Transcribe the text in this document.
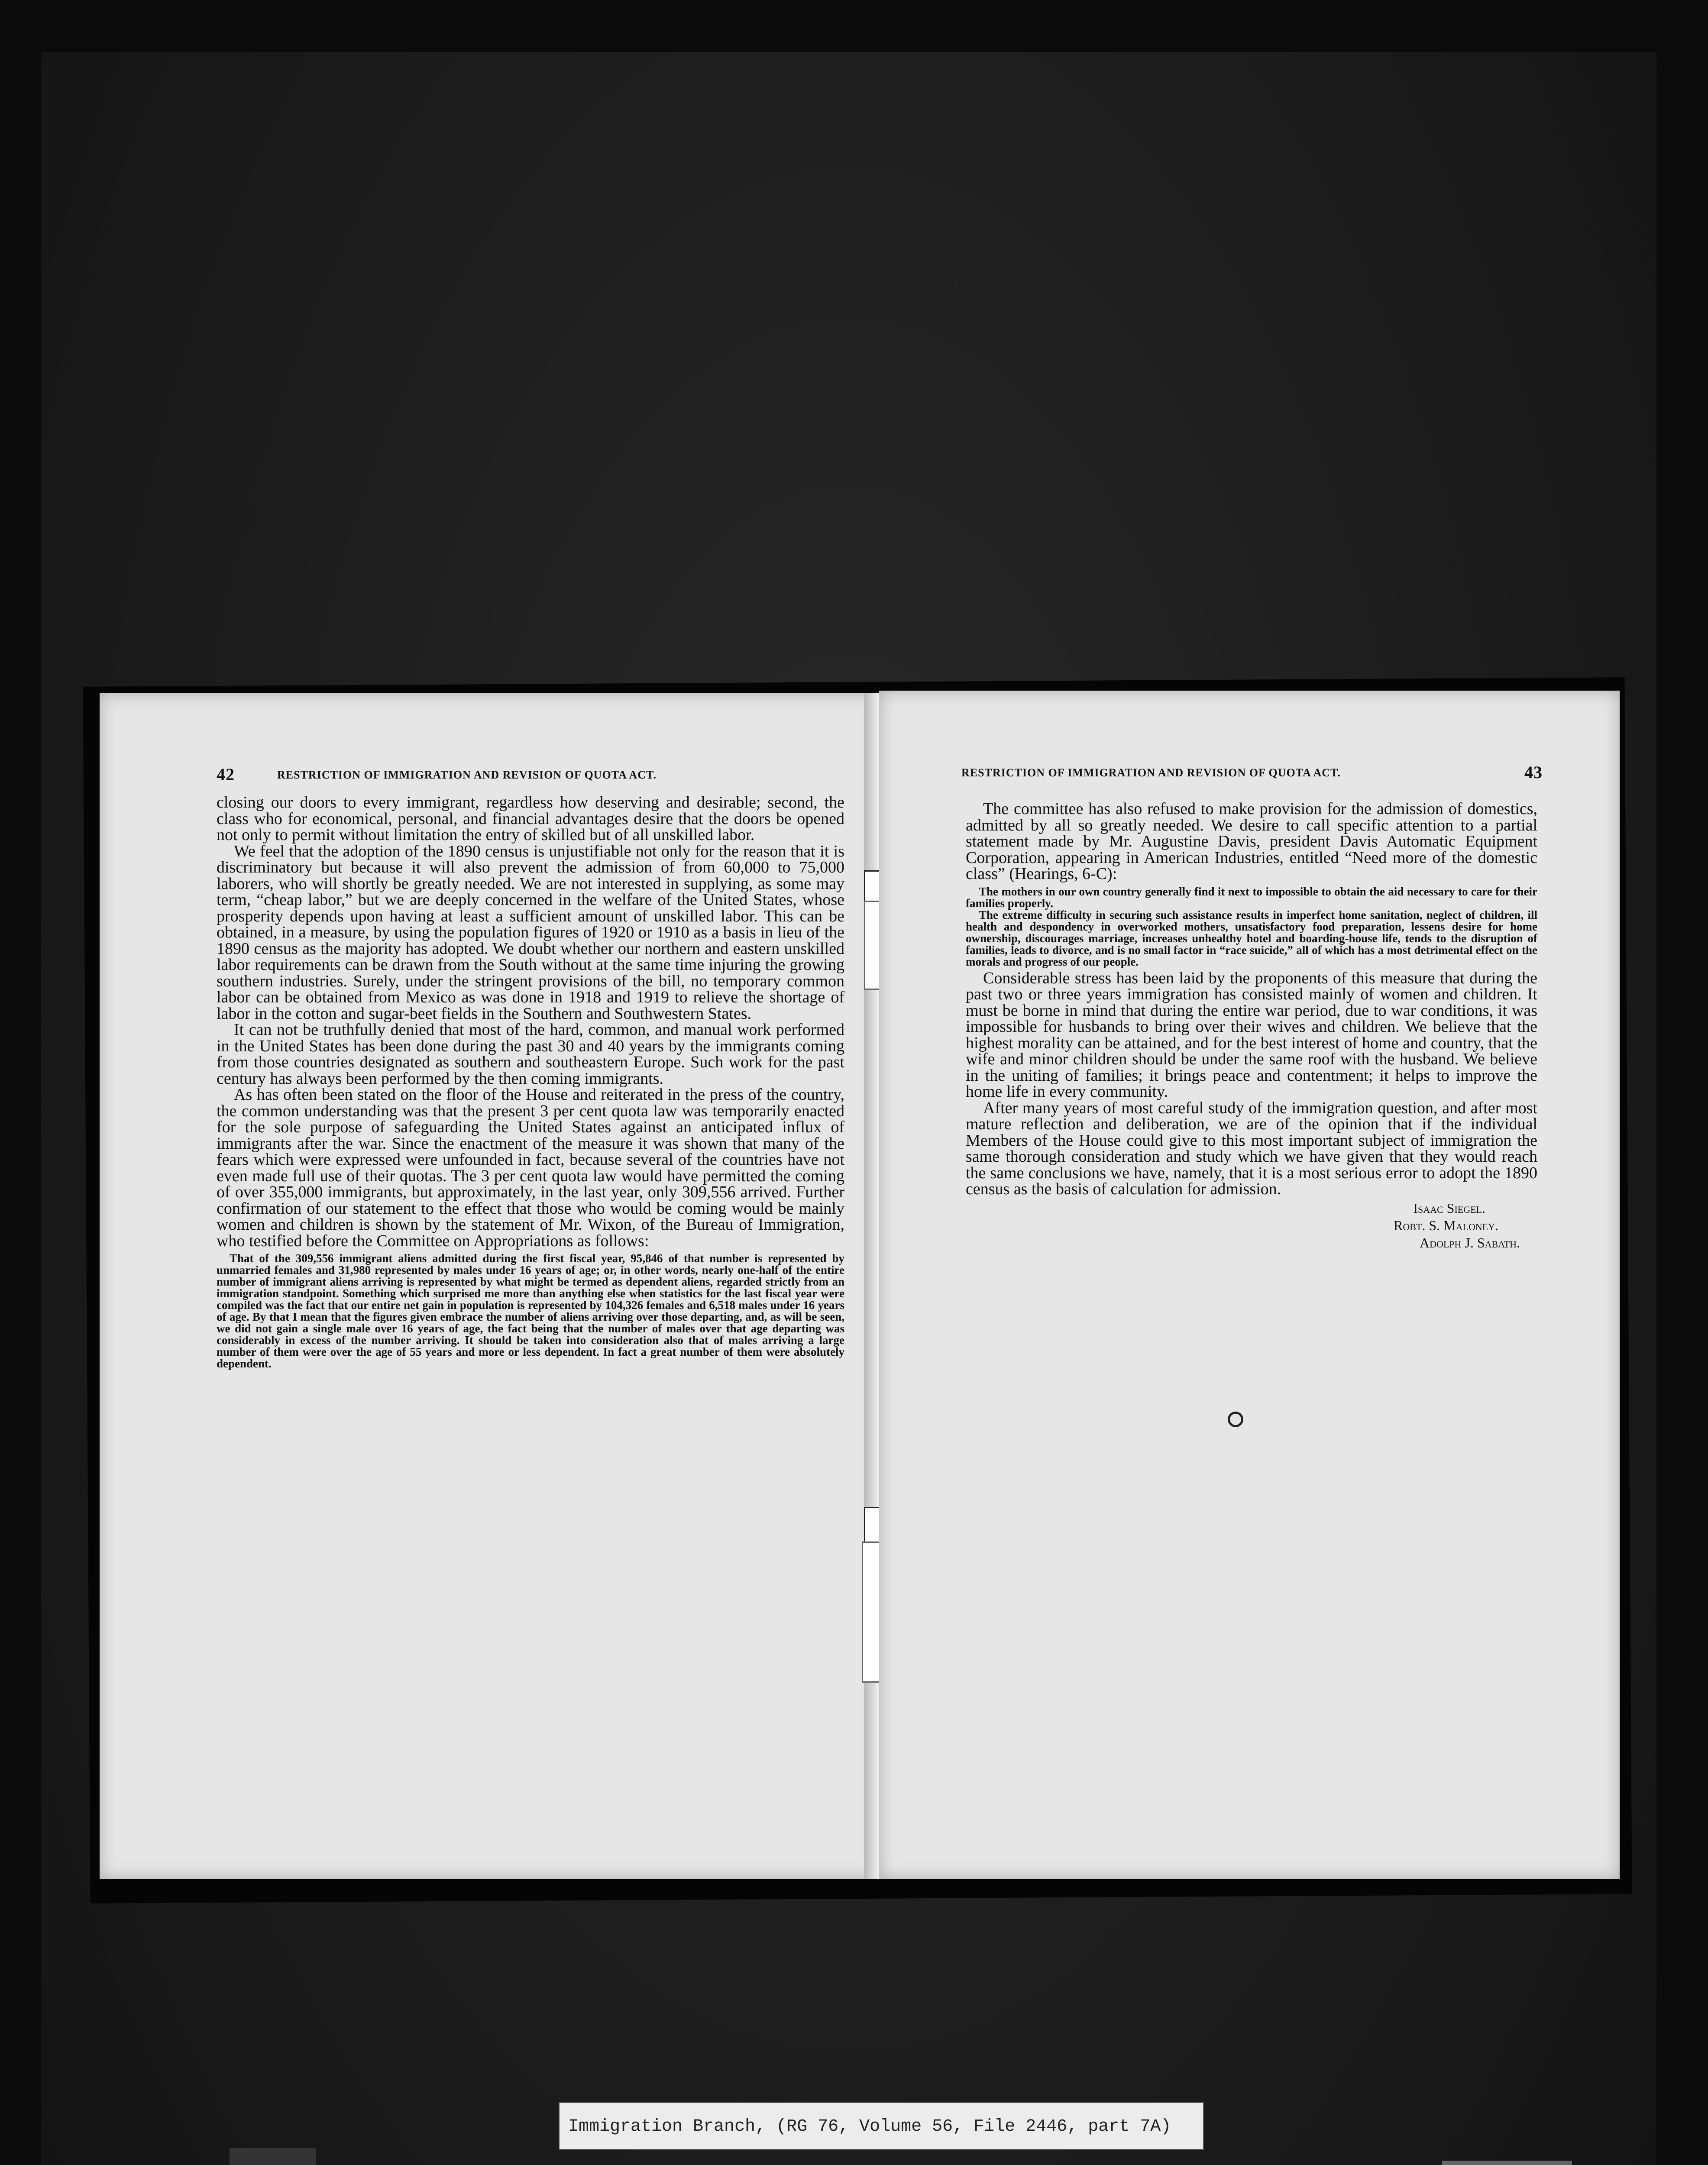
42	RESTRICTION OF IMMIGRATION AND REVISION OF QUOTA ACT.

closing our doors to every immigrant, regardless how deserving and desirable; second, the class who for economical, personal, and financial advantages desire that the doors be opened not only to permit without limitation the entry of skilled but of all unskilled labor.

We feel that the adoption of the 1890 census is unjustifiable not only for the reason that it is discriminatory but because it will also prevent the admission of from 60,000 to 75,000 laborers, who will shortly be greatly needed. We are not interested in supplying, as some may term, “cheap labor,” but we are deeply concerned in the welfare of the United States, whose prosperity depends upon having at least a sufficient amount of unskilled labor. This can be obtained, in a measure, by using the population figures of 1920 or 1910 as a basis in lieu of the 1890 census as the majority has adopted. We doubt whether our northern and eastern unskilled labor requirements can be drawn from the South without at the same time injuring the growing southern industries. Surely, under the stringent provisions of the bill, no temporary common labor can be obtained from Mexico as was done in 1918 and 1919 to relieve the shortage of labor in the cotton and sugar-beet fields in the Southern and Southwestern States.

It can not be truthfully denied that most of the hard, common, and manual work performed in the United States has been done during the past 30 and 40 years by the immigrants coming from those countries designated as southern and southeastern Europe. Such work for the past century has always been performed by the then coming immigrants.

As has often been stated on the floor of the House and reiterated in the press of the country, the common understanding was that the present 3 per cent quota law was temporarily enacted for the sole purpose of safeguarding the United States against an anticipated influx of immigrants after the war. Since the enactment of the measure it was shown that many of the fears which were expressed were unfounded in fact, because several of the countries have not even made full use of their quotas. The 3 per cent quota law would have permitted the coming of over 355,000 immigrants, but approximately, in the last year, only 309,556 arrived. Further confirmation of our statement to the effect that those who would be coming would be mainly women and children is shown by the statement of Mr. Wixon, of the Bureau of Immigration, who testified before the Committee on Appropriations as follows:

That of the 309,556 immigrant aliens admitted during the first fiscal year, 95,846 of that number is represented by unmarried females and 31,980 represented by males under 16 years of age; or, in other words, nearly one-half of the entire number of immigrant aliens arriving is represented by what might be termed as dependent aliens, regarded strictly from an immigration standpoint. Something which surprised me more than anything else when statistics for the last fiscal year were compiled was the fact that our entire net gain in population is represented by 104,326 females and 6,518 males under 16 years of age. By that I mean that the figures given embrace the number of aliens arriving over those departing, and, as will be seen, we did not gain a single male over 16 years of age, the fact being that the number of males over that age departing was considerably in excess of the number arriving. It should be taken into consideration also that of males arriving a large number of them were over the age of 55 years and more or less dependent. In fact a great number of them were absolutely dependent.

RESTRICTION OF IMMIGRATION AND REVISION OF QUOTA ACT.	43

The committee has also refused to make provision for the admission of domestics, admitted by all so greatly needed. We desire to call specific attention to a partial statement made by Mr. Augustine Davis, president Davis Automatic Equipment Corporation, appearing in American Industries, entitled “Need more of the domestic class” (Hearings, 6-C):

The mothers in our own country generally find it next to impossible to obtain the aid necessary to care for their families properly.

The extreme difficulty in securing such assistance results in imperfect home sanitation, neglect of children, ill health and despondency in overworked mothers, unsatisfactory food preparation, lessens desire for home ownership, discourages marriage, increases unhealthy hotel and boarding-house life, tends to the disruption of families, leads to divorce, and is no small factor in “race suicide,” all of which has a most detrimental effect on the morals and progress of our people.

Considerable stress has been laid by the proponents of this measure that during the past two or three years immigration has consisted mainly of women and children. It must be borne in mind that during the entire war period, due to war conditions, it was impossible for husbands to bring over their wives and children. We believe that the highest morality can be attained, and for the best interest of home and country, that the wife and minor children should be under the same roof with the husband. We believe in the uniting of families; it brings peace and contentment; it helps to improve the home life in every community.

After many years of most careful study of the immigration question, and after most mature reflection and deliberation, we are of the opinion that if the individual Members of the House could give to this most important subject of immigration the same thorough consideration and study which we have given that they would reach the same conclusions we have, namely, that it is a most serious error to adopt the 1890 census as the basis of calculation for admission.

Isaac Siegel.
Robt. S. Maloney.
Adolph J. Sabath.
Immigration Branch, (RG 76, Volume 56, File 2446, part 7A)
